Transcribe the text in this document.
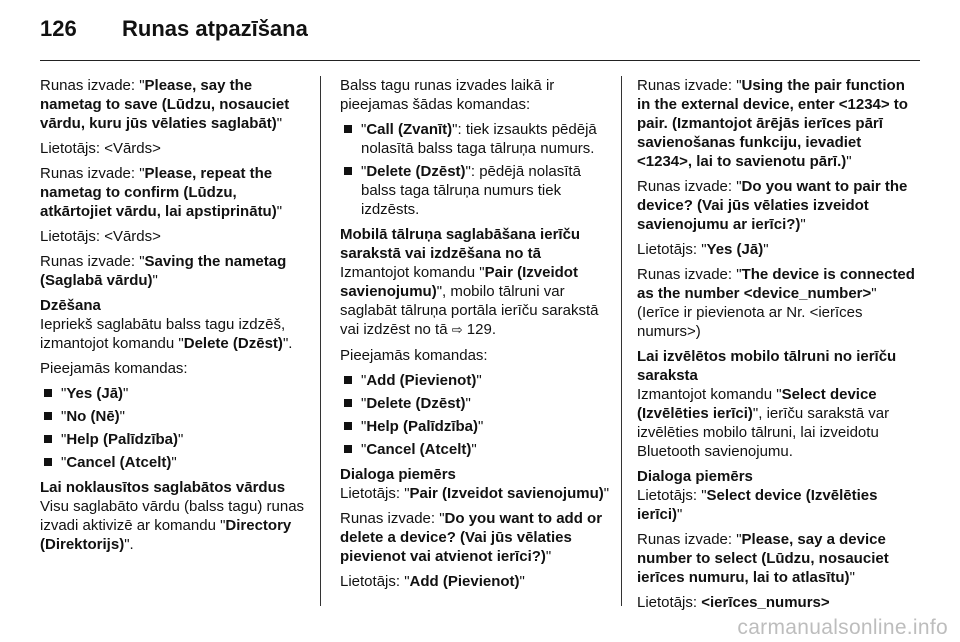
126	Runas atpazīšana

Runas izvade: "Please, say the nametag to save (Lūdzu, nosauciet vārdu, kuru jūs vēlaties saglabāt)"

Lietotājs: <Vārds>

Runas izvade: "Please, repeat the nametag to confirm (Lūdzu, atkārtojiet vārdu, lai apstiprinātu)"

Lietotājs: <Vārds>

Runas izvade: "Saving the nametag (Saglabā vārdu)"

Dzēšana

Iepriekš saglabātu balss tagu izdzēš, izmantojot komandu "Delete (Dzēst)".

Pieejamās komandas:

"Yes (Jā)"
"No (Nē)"
"Help (Palīdzība)"
"Cancel (Atcelt)"

Lai noklausītos saglabātos vārdus

Visu saglabāto vārdu (balss tagu) runas izvadi aktivizē ar komandu "Directory (Direktorijs)".

Balss tagu runas izvades laikā ir pieejamas šādas komandas:

"Call (Zvanīt)": tiek izsaukts pēdējā nolasītā balss taga tālruņa numurs.
"Delete (Dzēst)": pēdējā nolasītā balss taga tālruņa numurs tiek izdzēsts.

Mobilā tālruņa saglabāšana ierīču sarakstā vai izdzēšana no tā

Izmantojot komandu "Pair (Izveidot savienojumu)", mobilo tālruni var saglabāt tālruņa portāla ierīču sarakstā vai izdzēst no tā ⇨ 129.

Pieejamās komandas:

"Add (Pievienot)"
"Delete (Dzēst)"
"Help (Palīdzība)"
"Cancel (Atcelt)"

Dialoga piemērs

Lietotājs: "Pair (Izveidot savienojumu)"

Runas izvade: "Do you want to add or delete a device? (Vai jūs vēlaties pievienot vai atvienot ierīci?)"

Lietotājs: "Add (Pievienot)"

Runas izvade: "Using the pair function in the external device, enter <1234> to pair. (Izmantojot ārējās ierīces pārī savienošanas funkciju, ievadiet <1234>, lai to savienotu pārī.)"

Runas izvade: "Do you want to pair the device? (Vai jūs vēlaties izveidot savienojumu ar ierīci?)"

Lietotājs: "Yes (Jā)"

Runas izvade: "The device is connected as the number <device_number>" (Ierīce ir pievienota ar Nr. <ierīces numurs>)

Lai izvēlētos mobilo tālruni no ierīču saraksta

Izmantojot komandu "Select device (Izvēlēties ierīci)", ierīču sarakstā var izvēlēties mobilo tālruni, lai izveidotu Bluetooth savienojumu.

Dialoga piemērs

Lietotājs: "Select device (Izvēlēties ierīci)"

Runas izvade: "Please, say a device number to select (Lūdzu, nosauciet ierīces numuru, lai to atlasītu)"

Lietotājs: <ierīces_numurs>

carmanualsonline.info
